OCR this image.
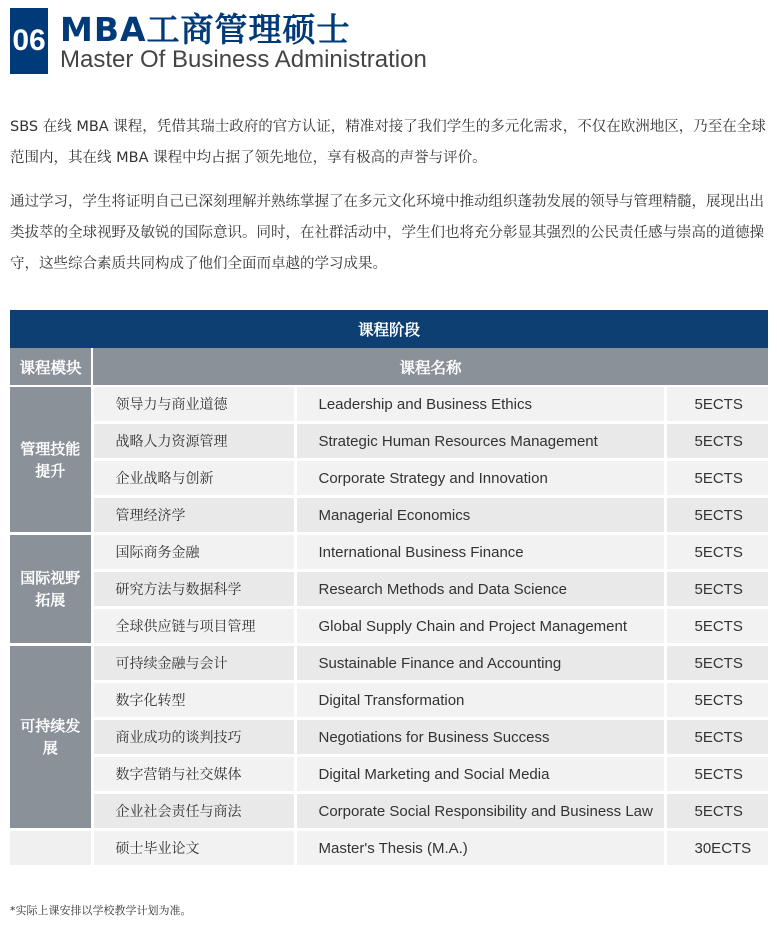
06 MBA工商管理硕士
Master Of Business Administration

SBS 在线 MBA 课程，凭借其瑞士政府的官方认证，精准对接了我们学生的多元化需求，不仅在欧洲地区，乃至在全球范围内，其在线 MBA 课程中均占据了领先地位，享有极高的声誉与评价。

通过学习，学生将证明自己已深刻理解并熟练掌握了在多元文化环境中推动组织蓬勃发展的领导与管理精髓，展现出出类拔萃的全球视野及敏锐的国际意识。同时，在社群活动中，学生们也将充分彰显其强烈的公民责任感与崇高的道德操守，这些综合素质共同构成了他们全面而卓越的学习成果。

课程阶段			
课程模块	课程名称		
管理技能提升	领导力与商业道德	Leadership and Business Ethics	5ECTS
	战略人力资源管理	Strategic Human Resources Management	5ECTS
	企业战略与创新	Corporate Strategy and Innovation	5ECTS
	管理经济学	Managerial Economics	5ECTS
国际视野拓展	国际商务金融	International Business Finance	5ECTS
	研究方法与数据科学	Research Methods and Data Science	5ECTS
	全球供应链与项目管理	Global Supply Chain and Project Management	5ECTS
可持续发展	可持续金融与会计	Sustainable Finance and Accounting	5ECTS
	数字化转型	Digital Transformation	5ECTS
	商业成功的谈判技巧	Negotiations for Business Success	5ECTS
	数字营销与社交媒体	Digital Marketing and Social Media	5ECTS
	企业社会责任与商法	Corporate Social Responsibility and Business Law	5ECTS
	硕士毕业论文	Master's Thesis (M.A.)	30ECTS
*实际上课安排以学校教学计划为准。
